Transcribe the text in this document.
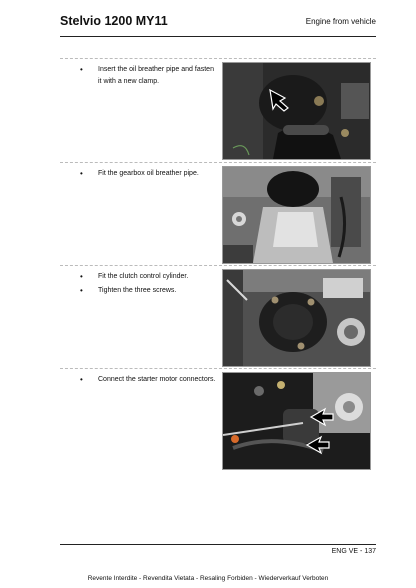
Stelvio 1200 MY11	Engine from vehicle
• Insert the oil breather pipe and fasten it with a new clamp.
• Fit the gearbox oil breather pipe.
• Fit the clutch control cylinder.
• Tighten the three screws.
• Connect the starter motor connectors.
ENG VE - 137
Revente Interdite - Revendita Vietata - Resaling Forbiden - Wiederverkauf Verboten
